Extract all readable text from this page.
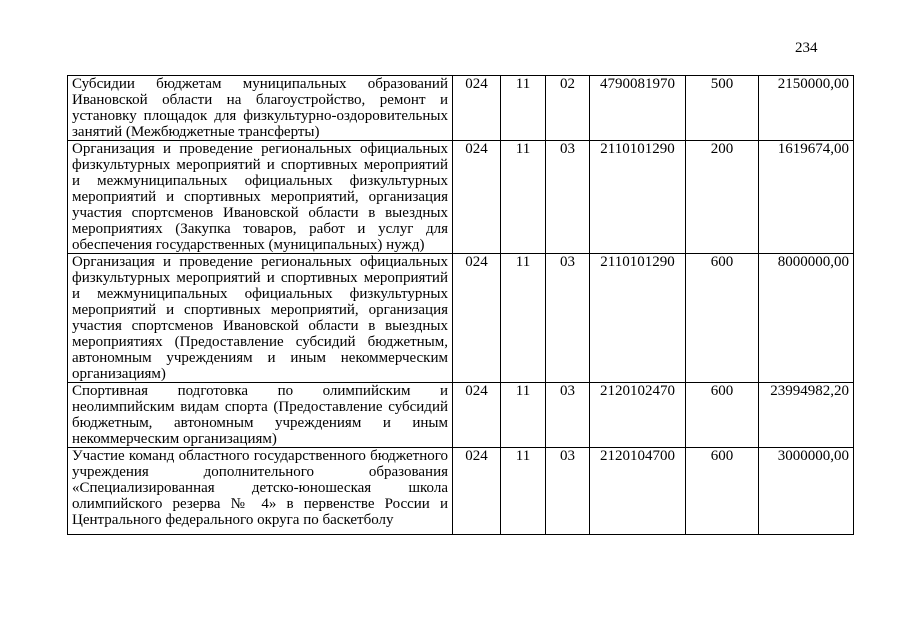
234
Субсидии бюджетам муниципальных образований Ивановской области на благоустройство, ремонт и установку площадок для физкультурно-оздоровительных занятий (Межбюджетные трансферты)	024	11	02	4790081970	500	2150000,00
Организация и проведение региональных официальных физкультурных мероприятий и спортивных мероприятий и межмуниципальных официальных физкультурных мероприятий и спортивных мероприятий, организация участия спортсменов Ивановской области в выездных мероприятиях (Закупка товаров, работ и услуг для обеспечения государственных (муниципальных) нужд)	024	11	03	2110101290	200	1619674,00
Организация и проведение региональных официальных физкультурных мероприятий и спортивных мероприятий и межмуниципальных официальных физкультурных мероприятий и спортивных мероприятий, организация участия спортсменов Ивановской области в выездных мероприятиях (Предоставление субсидий бюджетным, автономным учреждениям и иным некоммерческим организациям)	024	11	03	2110101290	600	8000000,00
Спортивная подготовка по олимпийским и неолимпийским видам спорта (Предоставление субсидий бюджетным, автономным учреждениям и иным некоммерческим организациям)	024	11	03	2120102470	600	23994982,20
Участие команд областного государственного бюджетного учреждения дополнительного образования «Специализированная детско-юношеская школа олимпийского резерва № 4» в первенстве России и Центрального федерального округа по баскетболу	024	11	03	2120104700	600	3000000,00
